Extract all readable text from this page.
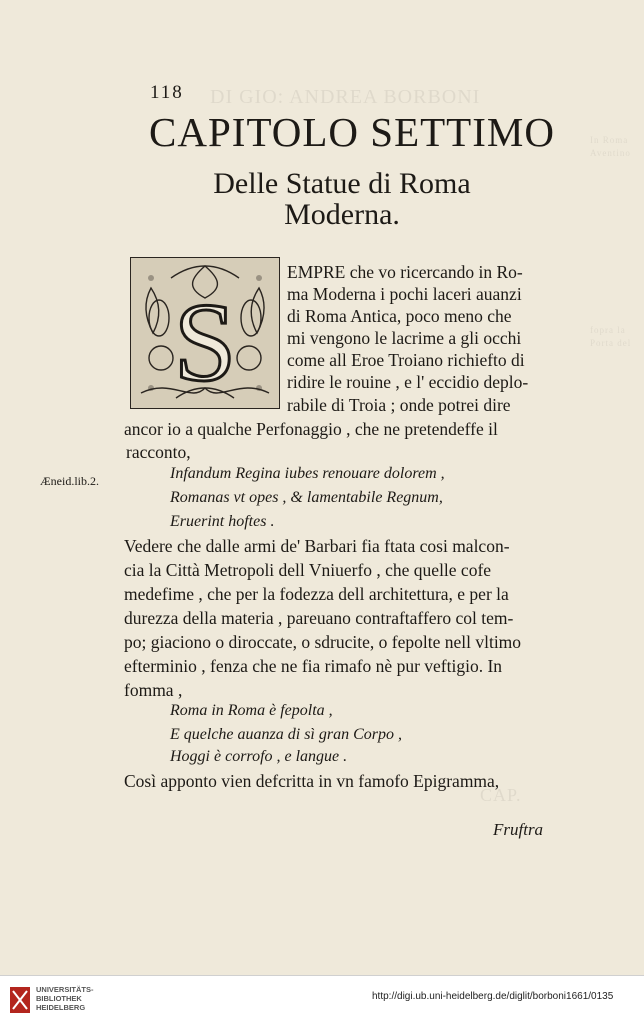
DI GIO: ANDREA BORBONI
In Roma
Aventino
fopra la
Porta del
CAP.
118
CAPITOLO SETTIMO
Delle Statue di Roma
Moderna.
S
EMPRE che vo ricercando in Ro-
ma Moderna i pochi laceri auanzi
di Roma Antica, poco meno che
mi vengono le lacrime a gli occhi
come all Eroe Troiano richiefto di
ridire le rouine , e l' eccidio deplo-
rabile di Troia ; onde potrei dire
ancor io a qualche Perfonaggio , che ne pretendeffe il
racconto,
Æneid.lib.2.	Infandum Regina iubes renouare dolorem ,
Romanas vt opes , & lamentabile Regnum,
Eruerint hoftes .
Vedere che dalle armi de' Barbari fia ftata cosi malcon-
cia la Città Metropoli dell Vniuerfo , che quelle cofe
medefime , che per la fodezza dell architettura, e per la
durezza della materia , pareuano contraftaffero col tem-
po; giaciono o diroccate, o sdrucite, o fepolte nell vltimo
efterminio , fenza che ne fia rimafo nè pur veftigio. In
fomma ,
Roma in Roma è fepolta ,
E quelche auanza di sì gran Corpo ,
Hoggi è corrofo , e langue .
Così apponto vien defcritta in vn famofo Epigramma,
Fruftra
UNIVERSITÄTS-
BIBLIOTHEK
HEIDELBERG
http://digi.ub.uni-heidelberg.de/diglit/borboni1661/0135
